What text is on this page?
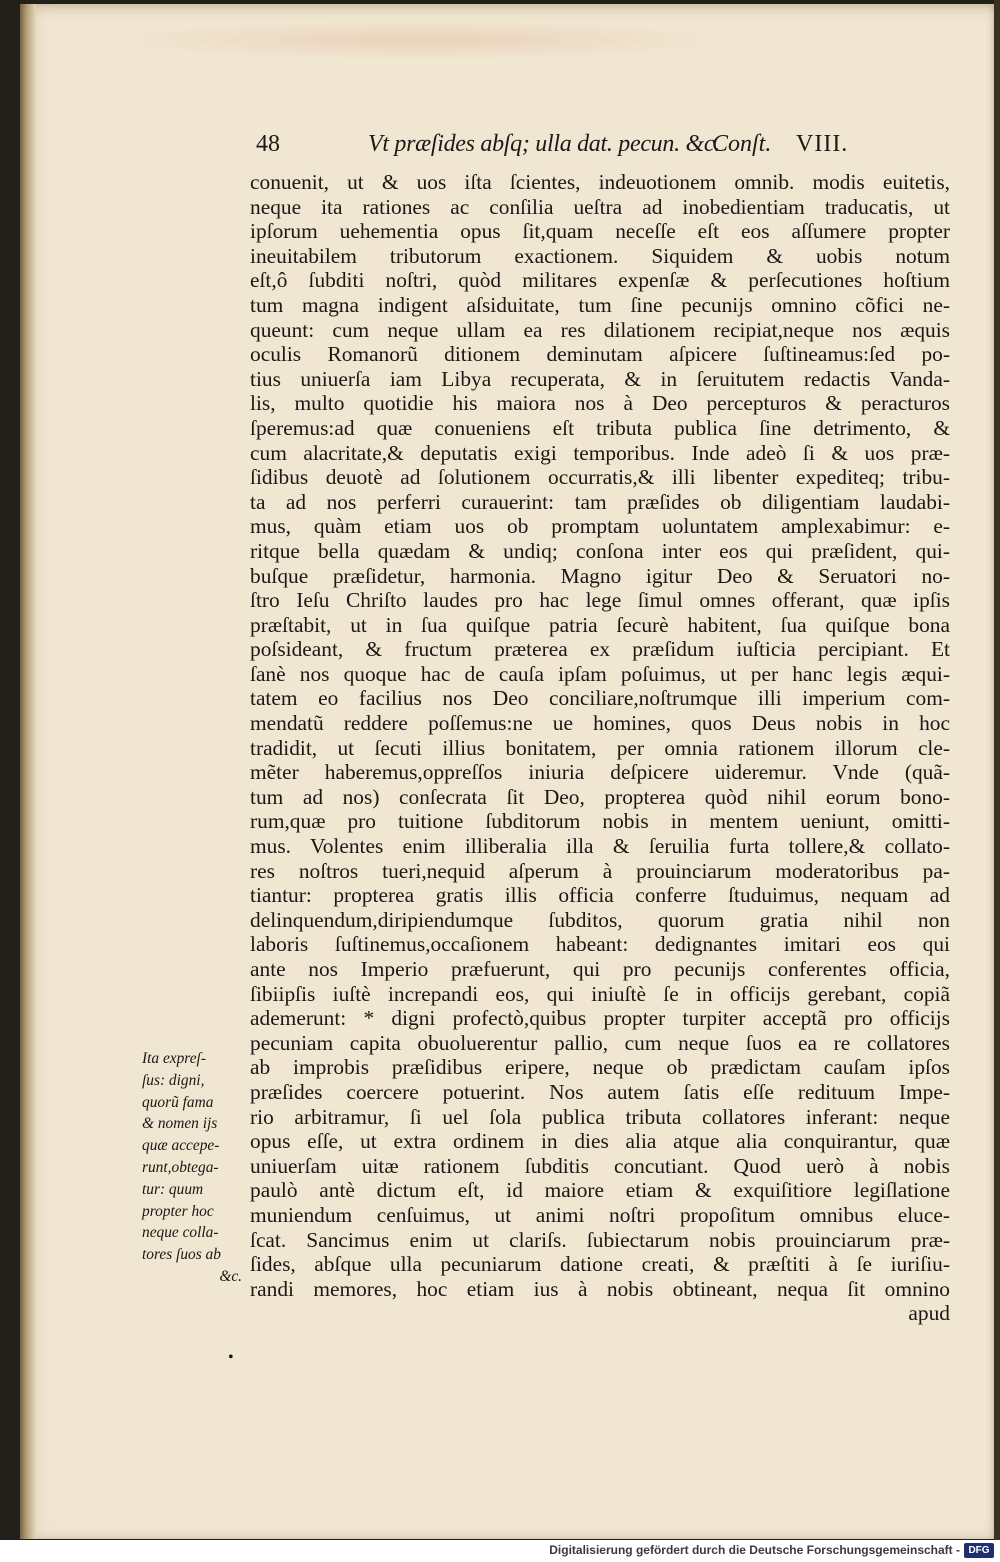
48	Vt præſides abſq; ulla dat. pecun. &c.
Conſt. VIII.
conuenit, ut & uos iſta ſcientes, indeuotionem omnib. modis euitetis,
neque ita rationes ac conſilia ueſtra ad inobedientiam traducatis, ut
ipſorum uehementia opus ſit,quam neceſſe eſt eos aſſumere propter
ineuitabilem tributorum exactionem. Siquidem & uobis notum
eſt,ô ſubditi noſtri, quòd militares expenſæ & perſecutiones hoſtium
tum magna indigent aſsiduitate, tum ſine pecunijs omnino cõfici ne-
queunt: cum neque ullam ea res dilationem recipiat,neque nos æquis
oculis Romanorũ ditionem deminutam aſpicere ſuſtineamus:ſed po-
tius uniuerſa iam Libya recuperata, & in ſeruitutem redactis Vanda-
lis, multo quotidie his maiora nos à Deo percepturos & peracturos
ſperemus:ad quæ conueniens eſt tributa publica ſine detrimento, &
cum alacritate,& deputatis exigi temporibus. Inde adeò ſi & uos præ-
ſidibus deuotè ad ſolutionem occurratis,& illi libenter expediteq; tribu-
ta ad nos perferri curauerint: tam præſides ob diligentiam laudabi-
mus, quàm etiam uos ob promptam uoluntatem amplexabimur: e-
ritque bella quædam & undiq; conſona inter eos qui præſident, qui-
buſque præſidetur, harmonia. Magno igitur Deo & Seruatori no-
ſtro Ieſu Chriſto laudes pro hac lege ſimul omnes offerant, quæ ipſis
præſtabit, ut in ſua quiſque patria ſecurè habitent, ſua quiſque bona
poſsideant, & fructum præterea ex præſidum iuſticia percipiant. Et
ſanè nos quoque hac de cauſa ipſam poſuimus, ut per hanc legis æqui-
tatem eo facilius nos Deo conciliare,noſtrumque illi imperium com-
mendatũ reddere poſſemus:ne ue homines, quos Deus nobis in hoc
tradidit, ut ſecuti illius bonitatem, per omnia rationem illorum cle-
mẽter haberemus,oppreſſos iniuria deſpicere uideremur. Vnde (quã-
tum ad nos) conſecrata ſit Deo, propterea quòd nihil eorum bono-
rum,quæ pro tuitione ſubditorum nobis in mentem ueniunt, omitti-
mus. Volentes enim illiberalia illa & ſeruilia furta tollere,& collato-
res noſtros tueri,nequid aſperum à prouinciarum moderatoribus pa-
tiantur: propterea gratis illis officia conferre ſtuduimus, nequam ad
delinquendum,diripiendumque ſubditos, quorum gratia nihil non
laboris ſuſtinemus,occaſionem habeant: dedignantes imitari eos qui
ante nos Imperio præfuerunt, qui pro pecunijs conferentes officia,
ſibiipſis iuſtè increpandi eos, qui iniuſtè ſe in officijs gerebant, copiã
ademerunt: * digni profectò,quibus propter turpiter acceptã pro officijs
pecuniam capita obuoluerentur pallio, cum neque ſuos ea re collatores
ab improbis præſidibus eripere, neque ob prædictam cauſam ipſos
præſides coercere potuerint. Nos autem ſatis eſſe redituum Impe-
rio arbitramur, ſi uel ſola publica tributa collatores inferant: neque
opus eſſe, ut extra ordinem in dies alia atque alia conquirantur, quæ
uniuerſam uitæ rationem ſubditis concutiant. Quod uerò à nobis
paulò antè dictum eſt, id maiore etiam & exquiſitiore legiſlatione
muniendum cenſuimus, ut animi noſtri propoſitum omnibus eluce-
ſcat. Sancimus enim ut clariſs. ſubiectarum nobis prouinciarum præ-
ſides, abſque ulla pecuniarum datione creati, & præſtiti à ſe iuriſiu-
randi memores, hoc etiam ius à nobis obtineant, nequa ſit omnino
apud
Ita expreſ-
ſus: digni,
quorũ fama
& nomen ijs
quæ accepe-
runt,obtega-
tur: quum
propter hoc
neque colla-
tores ſuos ab
&c.
•
Digitalisierung gefördert durch die Deutsche Forschungsgemeinschaft - DFG
